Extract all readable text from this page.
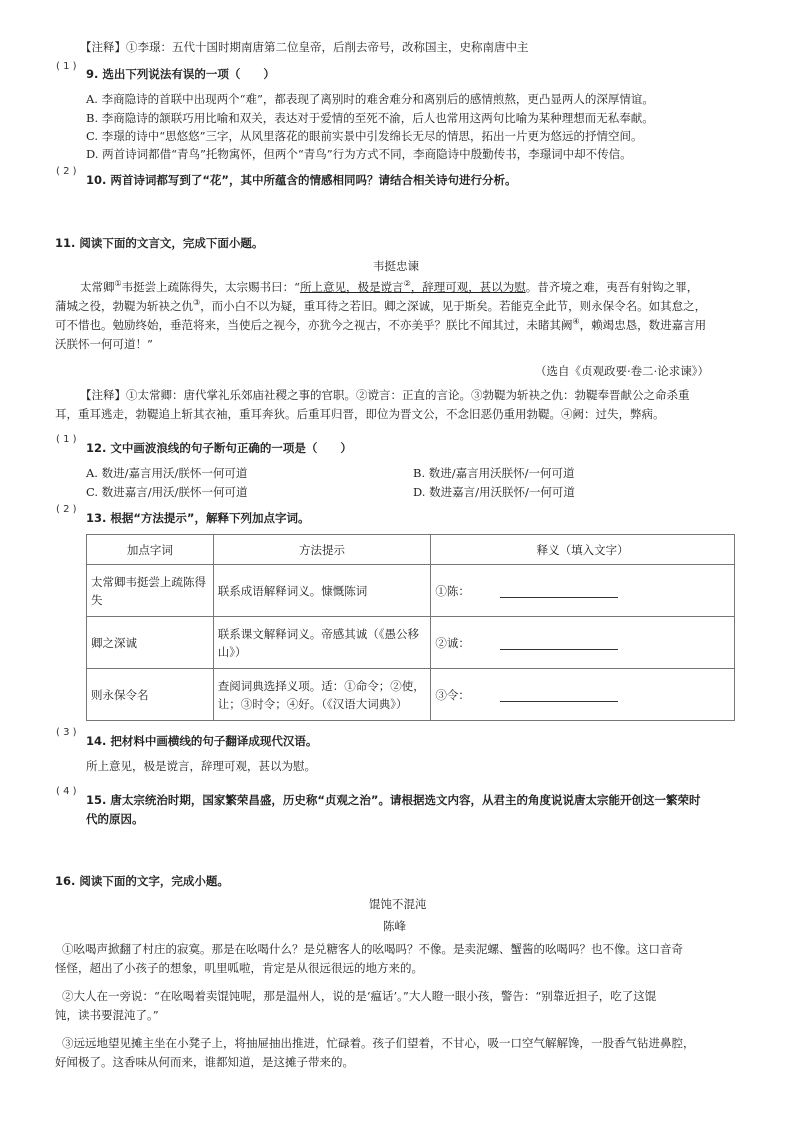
【注释】①李璟：五代十国时期南唐第二位皇帝，后削去帝号，改称国主，史称南唐中主
( 1 )
9. 选出下列说法有误的一项（　　）
A. 李商隐诗的首联中出现两个“难”，都表现了离别时的难舍难分和离别后的感情煎熬，更凸显两人的深厚情谊。
B. 李商隐诗的颔联巧用比喻和双关，表达对于爱情的至死不渝，后人也常用这两句比喻为某种理想而无私奉献。
C. 李璟的诗中“思悠悠”三字，从风里落花的眼前实景中引发绵长无尽的情思，拓出一片更为悠远的抒情空间。
D. 两首诗词都借“青鸟”托物寓怀，但两个“青鸟”行为方式不同，李商隐诗中殷勤传书，李璟词中却不传信。
( 2 )
10. 两首诗词都写到了“花”，其中所蕴含的情感相同吗？请结合相关诗句进行分析。
11. 阅读下面的文言文，完成下面小题。
韦挺忠谏
太常卿①韦挺尝上疏陈得失，太宗赐书曰：“所上意见，极是谠言②，辞理可观，甚以为慰。昔齐境之难，夷吾有射钩之罪，
蒲城之役，勃鞮为斩袂之仇③，而小白不以为疑，重耳待之若旧。卿之深诚，见于斯矣。若能克全此节，则永保令名。如其怠之，
可不惜也。勉励终始，垂范将来，当使后之视今，亦犹今之视古，不亦美乎？朕比不闻其过，未睹其阙④，赖竭忠恳，数进嘉言用
沃朕怀一何可道！”
（选自《贞观政要·卷二·论求谏》）
【注释】①太常卿：唐代掌礼乐郊庙社稷之事的官职。②谠言：正直的言论。③勃鞮为斩袂之仇：勃鞮奉晋献公之命杀重
耳，重耳逃走，勃鞮追上斩其衣袖，重耳奔狄。后重耳归晋，即位为晋文公，不念旧恶仍重用勃鞮。④阙：过失，弊病。
( 1 )
12. 文中画波浪线的句子断句正确的一项是（　　）
A. 数进/嘉言用沃/朕怀一何可道	B. 数进/嘉言用沃朕怀/一何可道
C. 数进嘉言/用沃/朕怀一何可道	D. 数进嘉言/用沃朕怀/一何可道
( 2 )
13. 根据“方法提示”，解释下列加点字词。
加点字词	方法提示	释义（填入文字）
太常卿韦挺尝上疏陈得失	联系成语解释词义。慷慨陈词	①陈：
卿之深诚	联系课文解释词义。帝感其诚（《愚公移山》）	②诚：
则永保令名	查阅词典选择义项。适：①命令；②使，让；③时令；④好。（《汉语大词典》）	③令：
( 3 )
14. 把材料中画横线的句子翻译成现代汉语。
所上意见，极是谠言，辞理可观，甚以为慰。
( 4 )
15. 唐太宗统治时期，国家繁荣昌盛，历史称“贞观之治”。请根据选文内容，从君主的角度说说唐太宗能开创这一繁荣时
代的原因。
16. 阅读下面的文字，完成小题。
馄饨不混沌
陈峰
①吆喝声掀翻了村庄的寂寞。那是在吆喝什么？是兑糖客人的吆喝吗？不像。是卖泥螺、蟹酱的吆喝吗？也不像。这口音奇
怪怪，超出了小孩子的想象，叽里呱啦，肯定是从很远很远的地方来的。
②大人在一旁说：“在吆喝着卖馄饨呢，那是温州人，说的是‘瘟话’。”大人瞪一眼小孩，警告：“别靠近担子，吃了这馄
饨，读书要混沌了。”
③远远地望见摊主坐在小凳子上，将抽屉抽出推进，忙碌着。孩子们望着，不甘心，吸一口空气解解馋，一股香气钻进鼻腔，
好闻极了。这香味从何而来，谁都知道，是这摊子带来的。
